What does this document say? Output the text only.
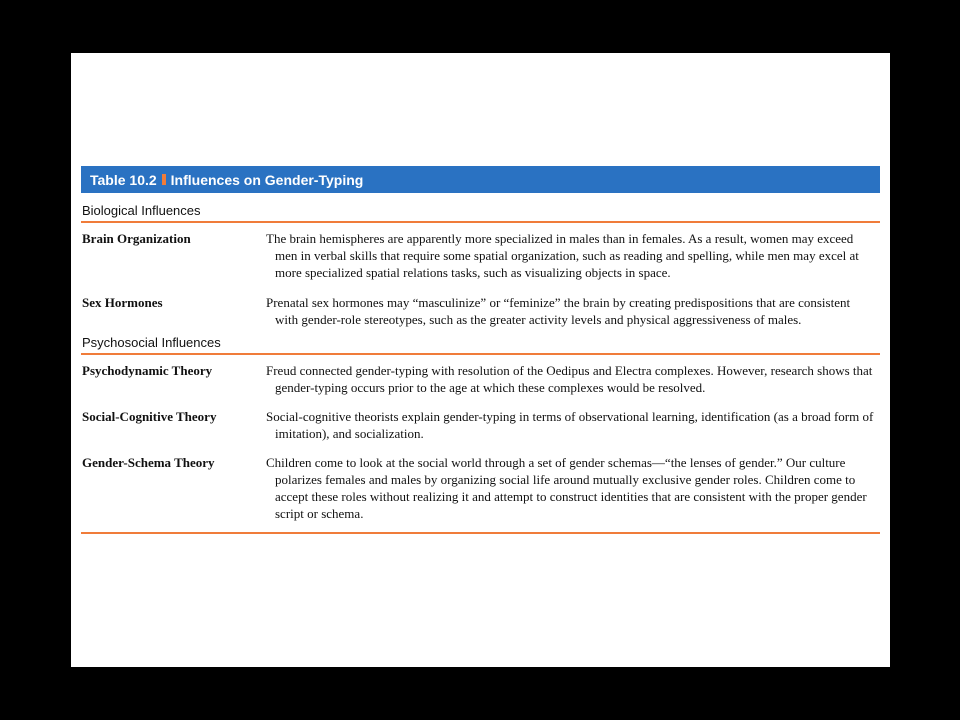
Table 10.2 Influences on Gender-Typing
Biological Influences
Brain Organization	The brain hemispheres are apparently more specialized in males than in females. As a result, women may exceed men in verbal skills that require some spatial organization, such as reading and spelling, while men may excel at more specialized spatial relations tasks, such as visualizing objects in space.
Sex Hormones	Prenatal sex hormones may “masculinize” or “feminize” the brain by creating predispositions that are consistent with gender-role stereotypes, such as the greater activity levels and physical aggressiveness of males.
Psychosocial Influences
Psychodynamic Theory	Freud connected gender-typing with resolution of the Oedipus and Electra complexes. However, research shows that gender-typing occurs prior to the age at which these complexes would be resolved.
Social-Cognitive Theory	Social-cognitive theorists explain gender-typing in terms of observational learning, identification (as a broad form of imitation), and socialization.
Gender-Schema Theory	Children come to look at the social world through a set of gender schemas—“the lenses of gender.” Our culture polarizes females and males by organizing social life around mutually exclusive gender roles. Children come to accept these roles without realizing it and attempt to construct identities that are consistent with the proper gender script or schema.
